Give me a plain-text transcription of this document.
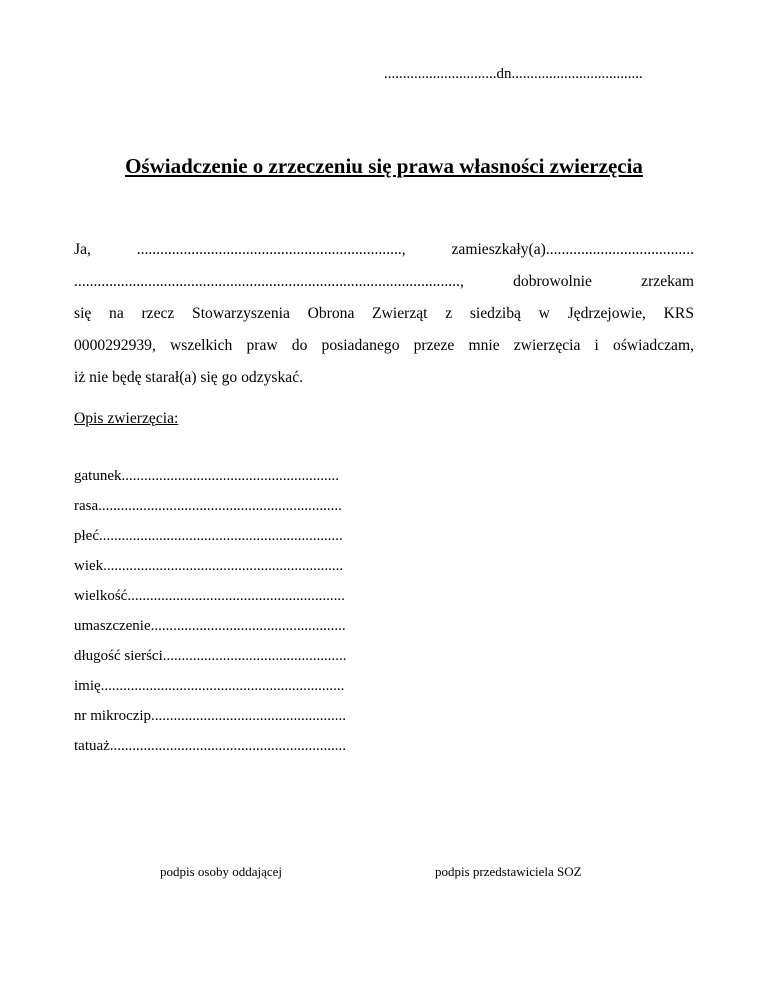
..............................dn...................................
Oświadczenie o zrzeczeniu się prawa własności zwierzęcia
Ja, ...................................................................., zamieszkały(a)......................................
..................................................................................................., dobrowolnie zrzekam
się na rzecz Stowarzyszenia Obrona Zwierząt z siedzibą w Jędrzejowie, KRS
0000292939, wszelkich praw do posiadanego przeze mnie zwierzęcia i oświadczam,
iż nie będę starał(a) się go odzyskać.
Opis zwierzęcia:
gatunek..........................................................
rasa.................................................................
płeć.................................................................
wiek................................................................
wielkość..........................................................
umaszczenie....................................................
długość sierści.................................................
imię.................................................................
nr mikroczip....................................................
tatuaż...............................................................
podpis osoby oddającej	podpis przedstawiciela SOZ
